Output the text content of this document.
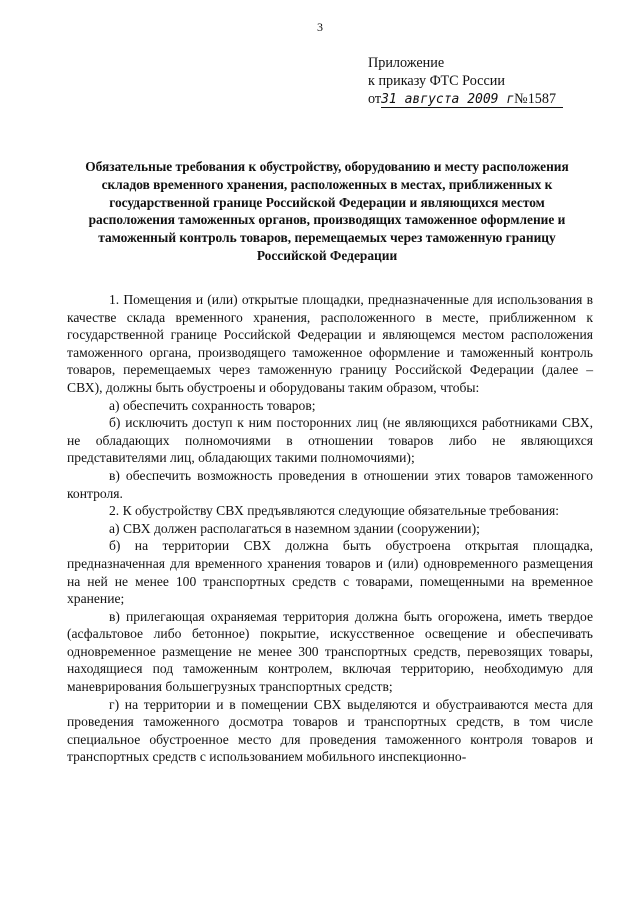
3
Приложение
к приказу ФТС России
от31 августа 2009 г№1587
Обязательные требования к обустройству, оборудованию и месту расположения складов временного хранения, расположенных в местах, приближенных к государственной границе Российской Федерации и являющихся местом расположения таможенных органов, производящих таможенное оформление и таможенный контроль товаров, перемещаемых через таможенную границу Российской Федерации

1. Помещения и (или) открытые площадки, предназначенные для использования в качестве склада временного хранения, расположенного в месте, приближенном к государственной границе Российской Федерации и являющемся местом расположения таможенного органа, производящего таможенное оформление и таможенный контроль товаров, перемещаемых через таможенную границу Российской Федерации (далее – СВХ), должны быть обустроены и оборудованы таким образом, чтобы:

а) обеспечить сохранность товаров;

б) исключить доступ к ним посторонних лиц (не являющихся работниками СВХ, не обладающих полномочиями в отношении товаров либо не являющихся представителями лиц, обладающих такими полномочиями);

в) обеспечить возможность проведения в отношении этих товаров таможенного контроля.

2. К обустройству СВХ предъявляются следующие обязательные требования:

а) СВХ должен располагаться в наземном здании (сооружении);

б) на территории СВХ должна быть обустроена открытая площадка, предназначенная для временного хранения товаров и (или) одновременного размещения на ней не менее 100 транспортных средств с товарами, помещенными на временное хранение;

в) прилегающая охраняемая территория должна быть огорожена, иметь твердое (асфальтовое либо бетонное) покрытие, искусственное освещение и обеспечивать одновременное размещение не менее 300 транспортных средств, перевозящих товары, находящиеся под таможенным контролем, включая территорию, необходимую для маневрирования большегрузных транспортных средств;

г) на территории и в помещении СВХ выделяются и обустраиваются места для проведения таможенного досмотра товаров и транспортных средств, в том числе специальное обустроенное место для проведения таможенного контроля товаров и транспортных средств с использованием мобильного инспекционно-
